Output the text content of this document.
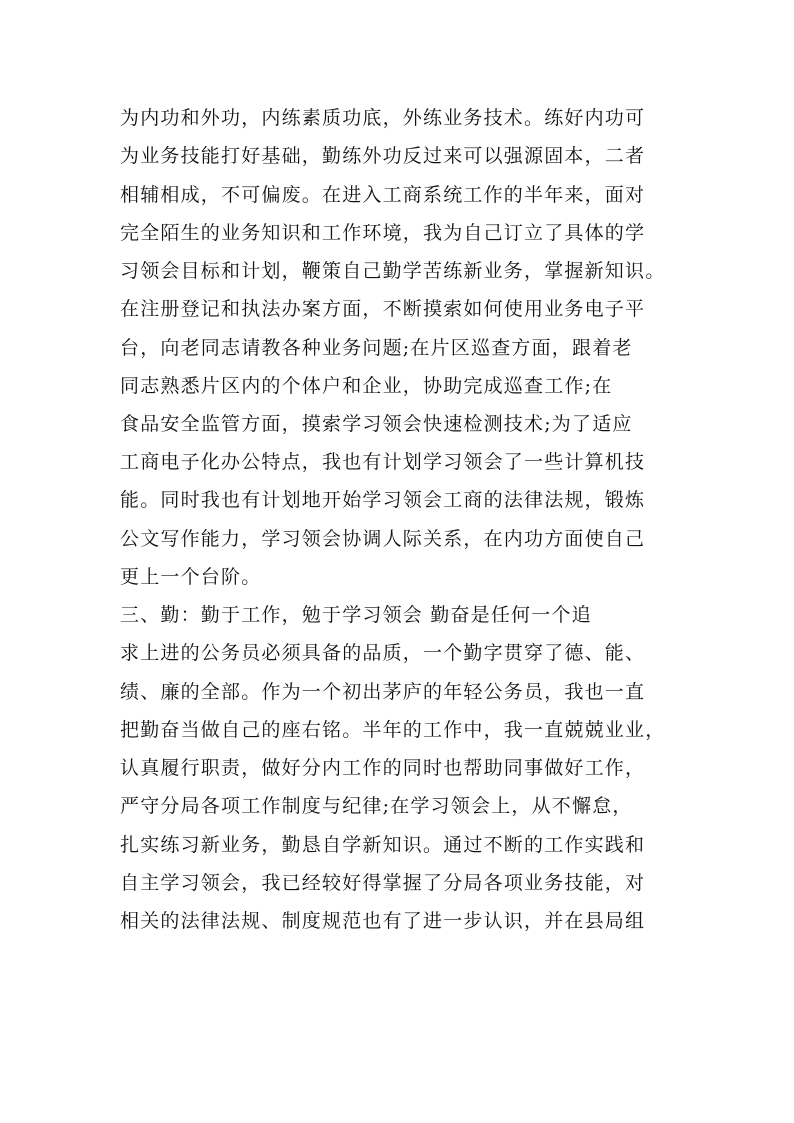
为内功和外功，内练素质功底，外练业务技术。练好内功可
为业务技能打好基础，勤练外功反过来可以强源固本，二者
相辅相成，不可偏废。在进入工商系统工作的半年来，面对
完全陌生的业务知识和工作环境，我为自己订立了具体的学
习领会目标和计划，鞭策自己勤学苦练新业务，掌握新知识。
在注册登记和执法办案方面，不断摸索如何使用业务电子平
台，向老同志请教各种业务问题;在片区巡查方面，跟着老
同志熟悉片区内的个体户和企业，协助完成巡查工作;在
食品安全监管方面，摸索学习领会快速检测技术;为了适应
工商电子化办公特点，我也有计划学习领会了一些计算机技
能。同时我也有计划地开始学习领会工商的法律法规，锻炼
公文写作能力，学习领会协调人际关系，在内功方面使自己
更上一个台阶。
三、勤：勤于工作，勉于学习领会 勤奋是任何一个追
求上进的公务员必须具备的品质，一个勤字贯穿了德、能、
绩、廉的全部。作为一个初出茅庐的年轻公务员，我也一直
把勤奋当做自己的座右铭。半年的工作中，我一直兢兢业业，
认真履行职责，做好分内工作的同时也帮助同事做好工作，
严守分局各项工作制度与纪律;在学习领会上，从不懈怠，
扎实练习新业务，勤恳自学新知识。通过不断的工作实践和
自主学习领会，我已经较好得掌握了分局各项业务技能，对
相关的法律法规、制度规范也有了进一步认识，并在县局组
